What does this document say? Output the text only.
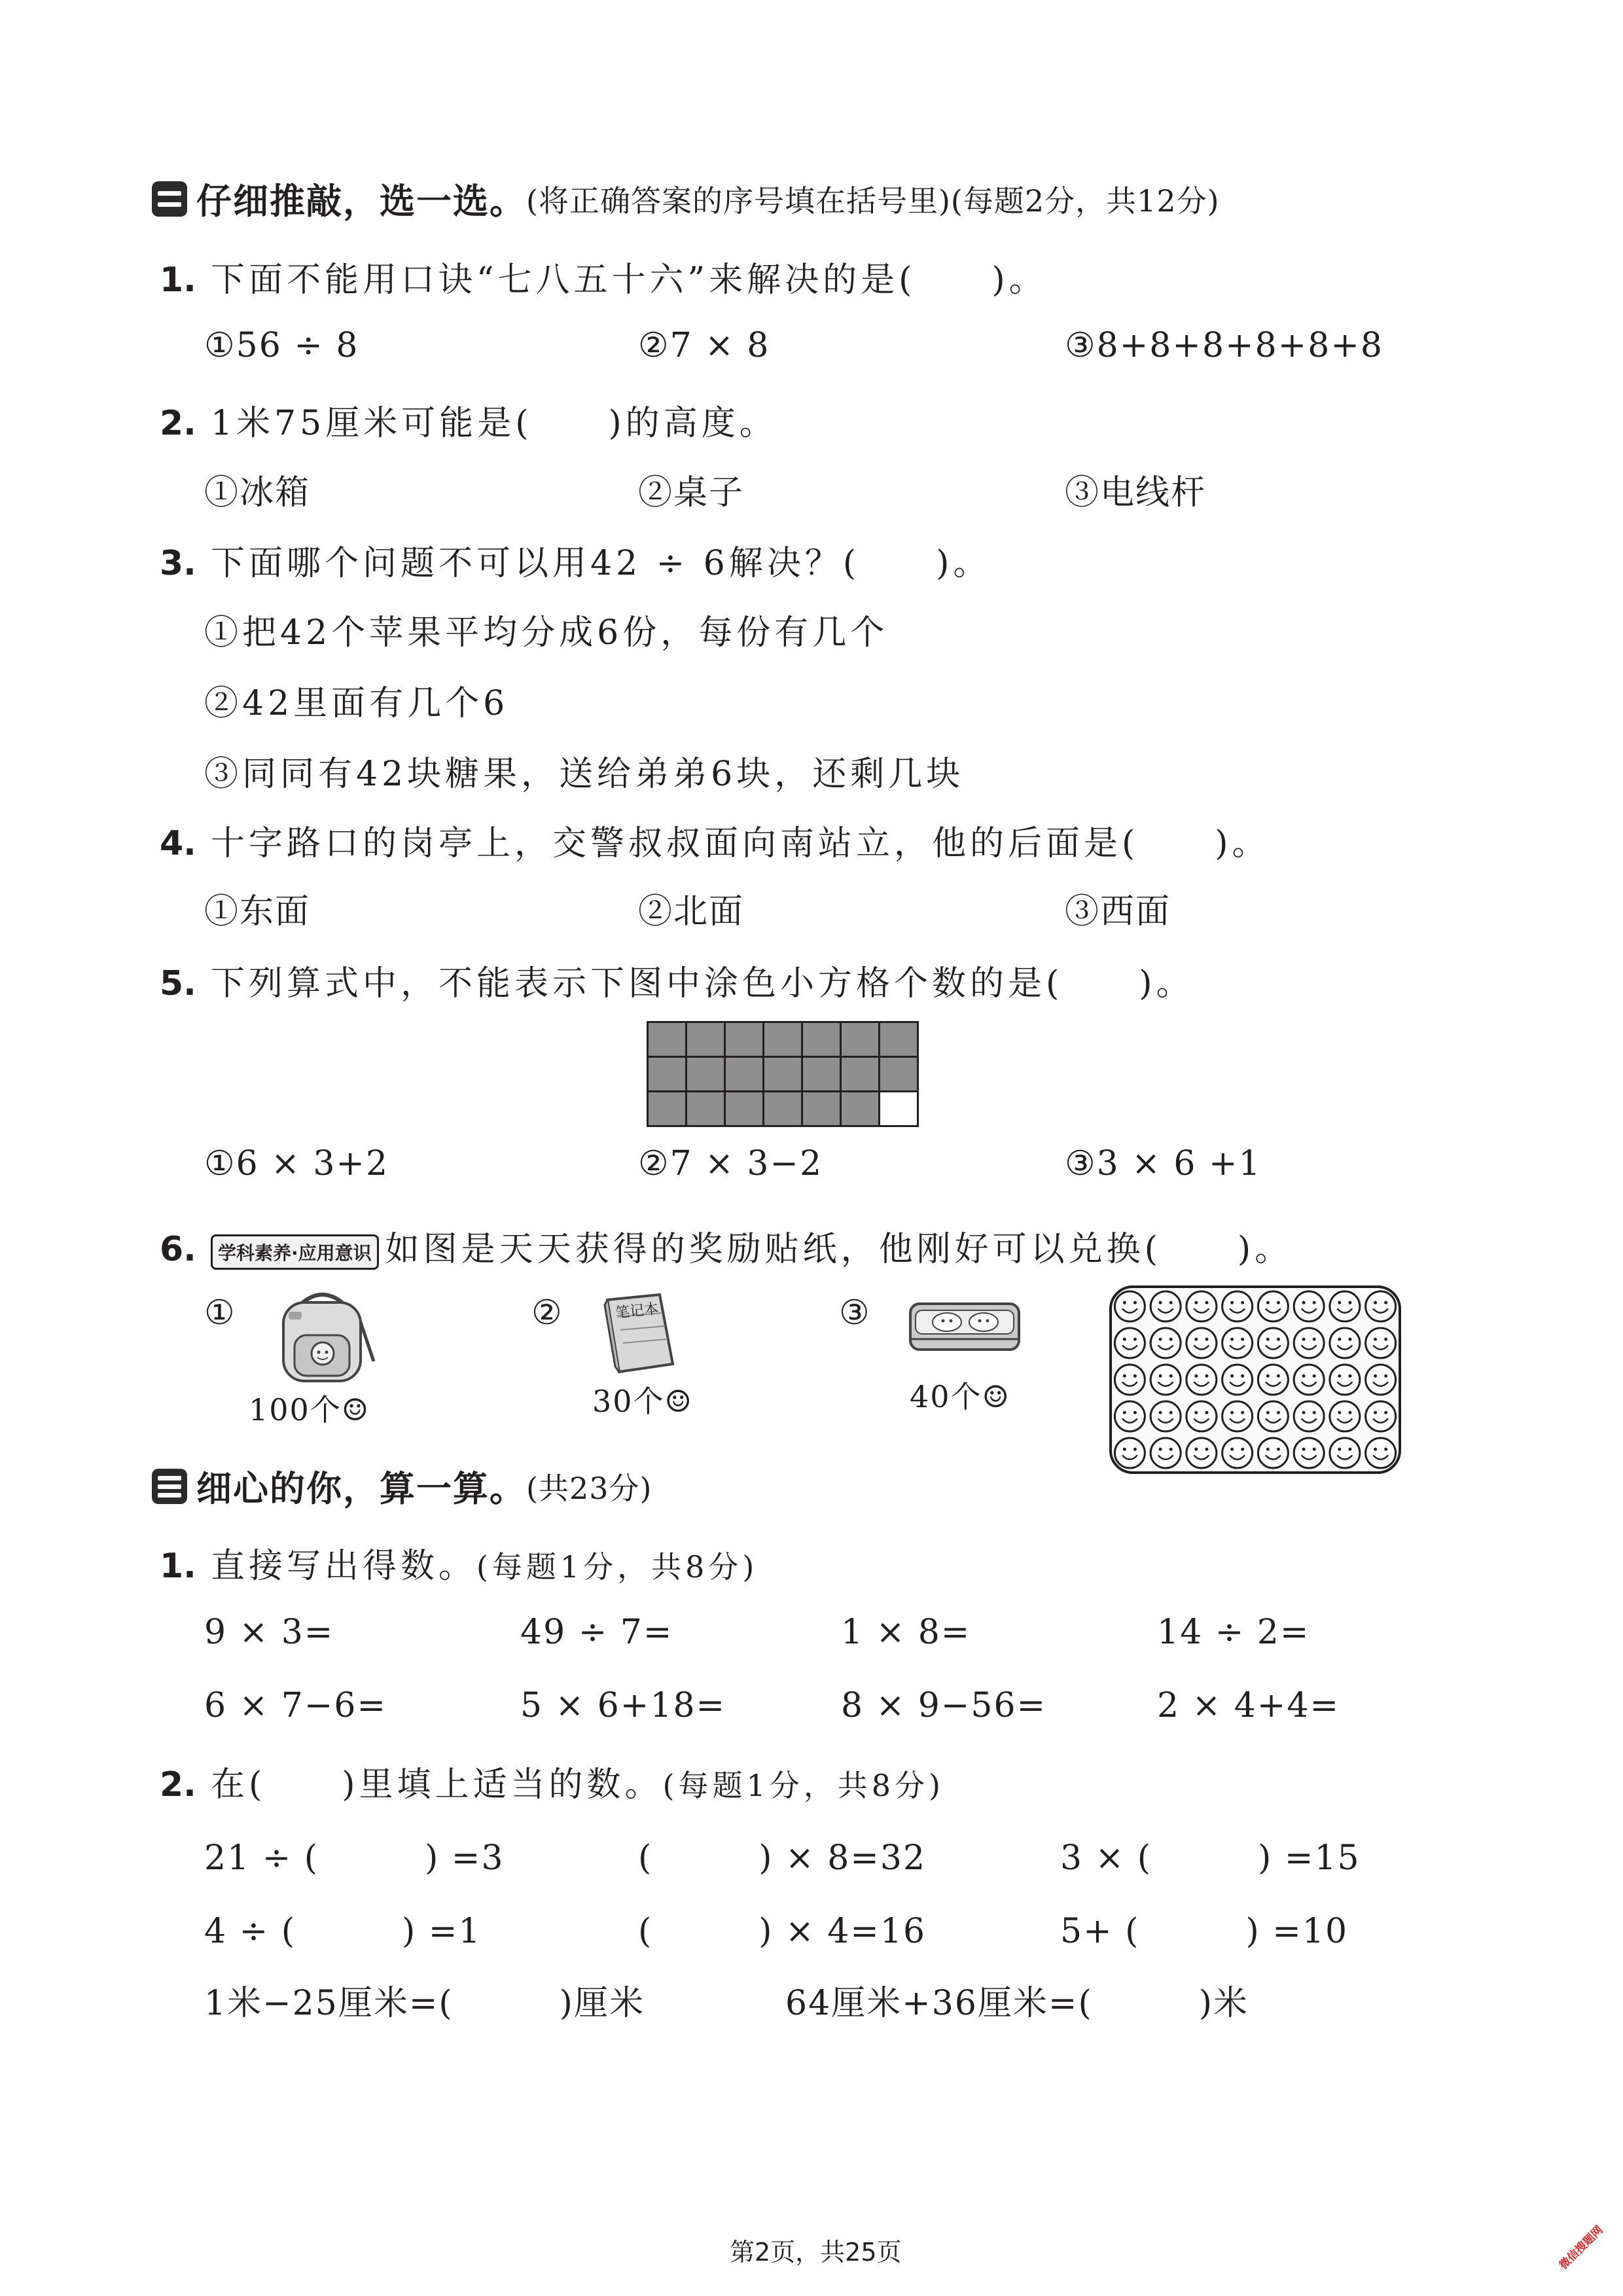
仔细推敲，选一选。 (将正确答案的序号填在括号里)(每题2分，共12分)
1. 下面不能用口诀“七八五十六”来解决的是(　　)。
①56 ÷ 8	②7 × 8	③8+8+8+8+8+8
2. 1米75厘米可能是(　　)的高度。
①冰箱	②桌子	③电线杆
3. 下面哪个问题不可以用42 ÷ 6解决？(　　)。
①把42个苹果平均分成6份，每份有几个
②42里面有几个6
③同同有42块糖果，送给弟弟6块，还剩几块
4. 十字路口的岗亭上，交警叔叔面向南站立，他的后面是(　　)。
①东面	②北面	③西面
5. 下列算式中，不能表示下图中涂色小方格个数的是(　　)。

①6 × 3+2	②7 × 3−2	③3 × 6 +1
6. 学科素养·应用意识 如图是天天获得的奖励贴纸，他刚好可以兑换(　　)。
①
100个☺
②	笔记本
30个☺
③
40个☺
细心的你，算一算。 (共23分)
1. 直接写出得数。(每题1分，共8分)
9 × 3=	49 ÷ 7=	1 × 8=	14 ÷ 2=
6 × 7−6=	5 × 6+18=	8 × 9−56=	2 × 4+4=
2. 在(　　)里填上适当的数。(每题1分，共8分)
21 ÷ (　　　) =3	(　　　) × 8=32	3 × (　　　) =15
4 ÷ (　　　) =1	(　　　) × 4=16	5+ (　　　) =10
1米−25厘米=(　　　)厘米	64厘米+36厘米=(　　　)米
第2页，共25页	微信搜题网
